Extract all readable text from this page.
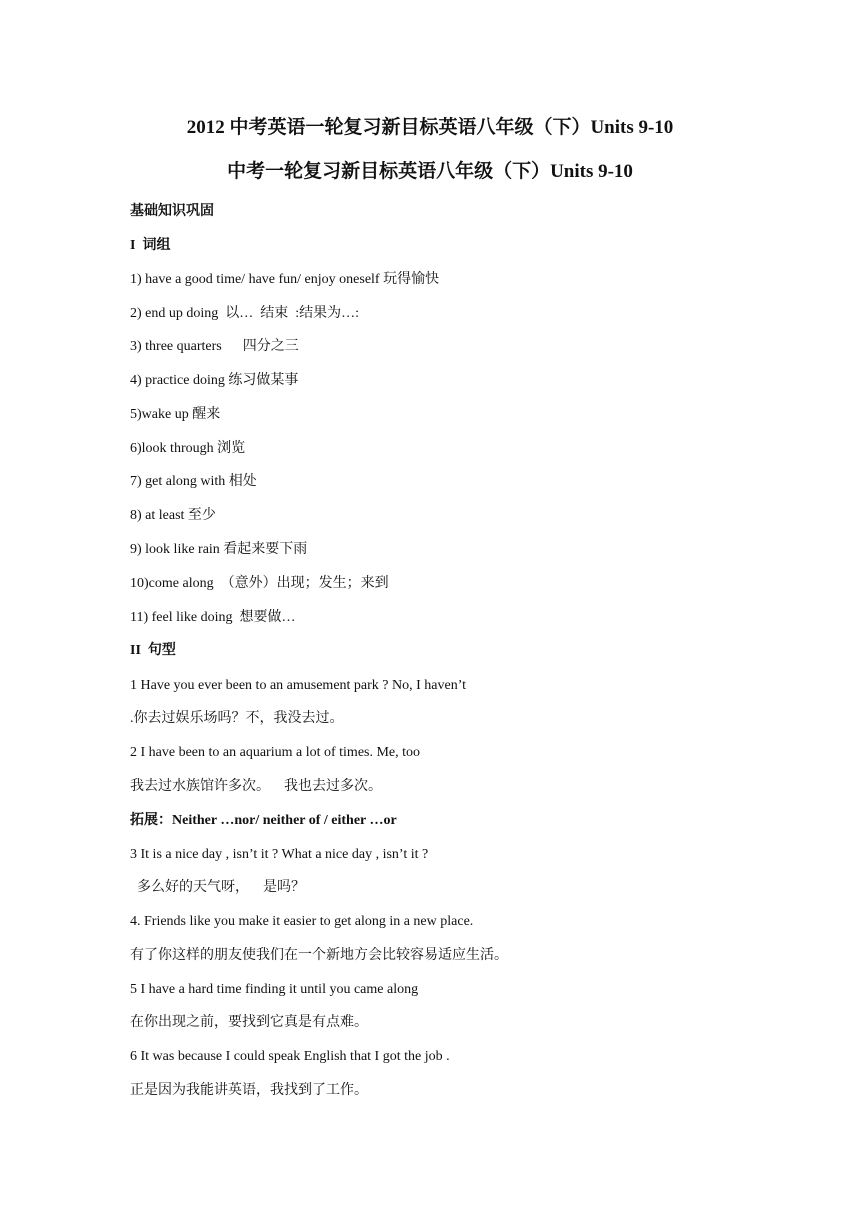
2012 中考英语一轮复习新目标英语八年级（下）Units 9-10
中考一轮复习新目标英语八年级（下）Units 9-10
基础知识巩固
I  词组
1) have a good time/ have fun/ enjoy oneself 玩得愉快
2) end up doing  以…  结束  :结果为…:
3) three quarters      四分之三
4) practice doing 练习做某事
5)wake up 醒来
6)look through 浏览
7) get along with 相处
8) at least 至少
9) look like rain 看起来要下雨
10)come along  （意外）出现；发生；来到
11) feel like doing  想要做…
II  句型
1 Have you ever been to an amusement park ? No, I haven’t
.你去过娱乐场吗？不，我没去过。
2 I have been to an aquarium a lot of times. Me, too
我去过水族馆许多次。    我也去过多次。
拓展：Neither …nor/ neither of / either …or
3 It is a nice day , isn’t it ? What a nice day , isn’t it ?
多么好的天气呀，    是吗？
4. Friends like you make it easier to get along in a new place.
有了你这样的朋友使我们在一个新地方会比较容易适应生活。
5 I have a hard time finding it until you came along
在你出现之前，要找到它真是有点难。
6 It was because I could speak English that I got the job .
正是因为我能讲英语，我找到了工作。
